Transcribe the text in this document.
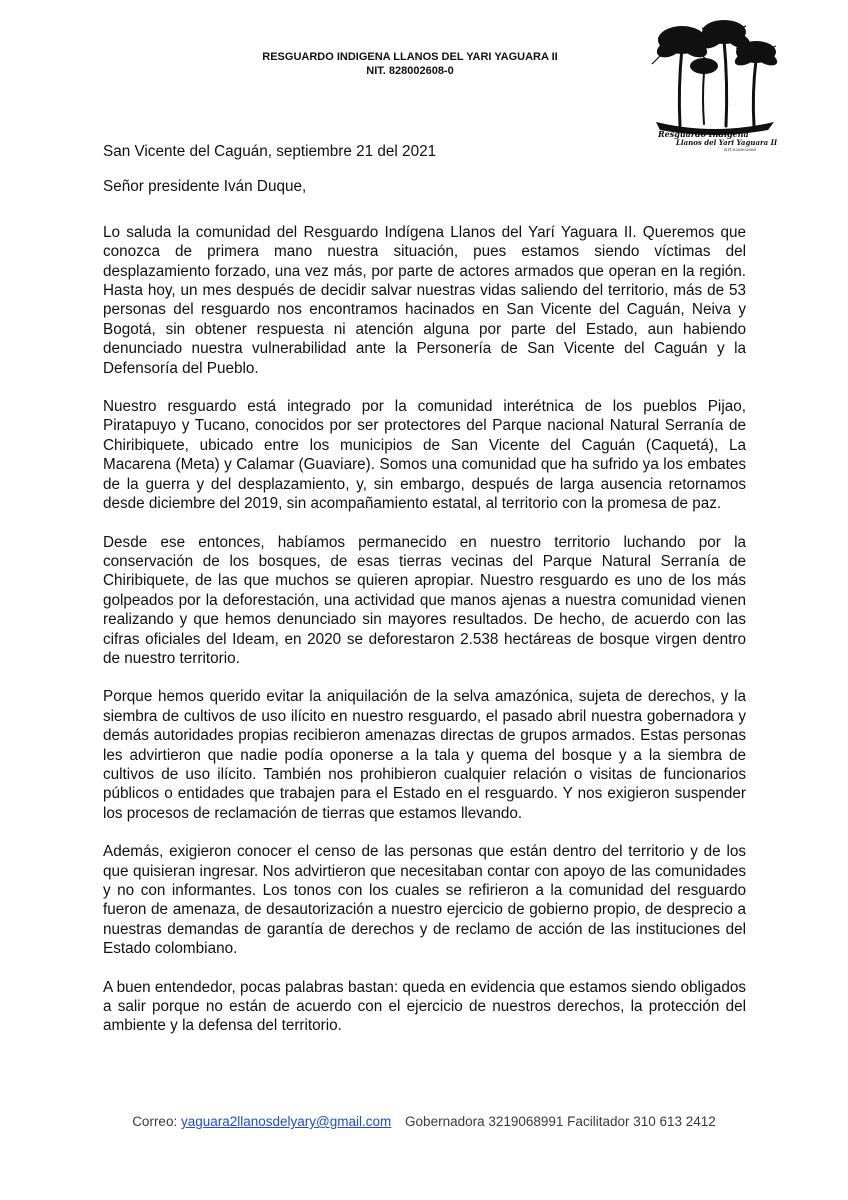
RESGUARDO INDIGENA LLANOS DEL YARI YAGUARA II
NIT. 828002608-0
Resguardo Indígena
Llanos del Yari Yaguara II
NIT 828002608

San Vicente del Caguán, septiembre 21 del 2021

Señor presidente Iván Duque,

Lo saluda la comunidad del Resguardo Indígena Llanos del Yarí Yaguara II. Queremos que conozca de primera mano nuestra situación, pues estamos siendo víctimas del desplazamiento forzado, una vez más, por parte de actores armados que operan en la región. Hasta hoy, un mes después de decidir salvar nuestras vidas saliendo del territorio, más de 53 personas del resguardo nos encontramos hacinados en San Vicente del Caguán, Neiva y Bogotá, sin obtener respuesta ni atención alguna por parte del Estado, aun habiendo denunciado nuestra vulnerabilidad ante la Personería de San Vicente del Caguán y la Defensoría del Pueblo.

Nuestro resguardo está integrado por la comunidad interétnica de los pueblos Pijao, Piratapuyo y Tucano, conocidos por ser protectores del Parque nacional Natural Serranía de Chiribiquete, ubicado entre los municipios de San Vicente del Caguán (Caquetá), La Macarena (Meta) y Calamar (Guaviare). Somos una comunidad que ha sufrido ya los embates de la guerra y del desplazamiento, y, sin embargo, después de larga ausencia retornamos desde diciembre del 2019, sin acompañamiento estatal, al territorio con la promesa de paz.

Desde ese entonces, habíamos permanecido en nuestro territorio luchando por la conservación de los bosques, de esas tierras vecinas del Parque Natural Serranía de Chiribiquete, de las que muchos se quieren apropiar. Nuestro resguardo es uno de los más golpeados por la deforestación, una actividad que manos ajenas a nuestra comunidad vienen realizando y que hemos denunciado sin mayores resultados. De hecho, de acuerdo con las cifras oficiales del Ideam, en 2020 se deforestaron 2.538 hectáreas de bosque virgen dentro de nuestro territorio.

Porque hemos querido evitar la aniquilación de la selva amazónica, sujeta de derechos, y la siembra de cultivos de uso ilícito en nuestro resguardo, el pasado abril nuestra gobernadora y demás autoridades propias recibieron amenazas directas de grupos armados. Estas personas les advirtieron que nadie podía oponerse a la tala y quema del bosque y a la siembra de cultivos de uso ilícito. También nos prohibieron cualquier relación o visitas de funcionarios públicos o entidades que trabajen para el Estado en el resguardo. Y nos exigieron suspender los procesos de reclamación de tierras que estamos llevando.

Además, exigieron conocer el censo de las personas que están dentro del territorio y de los que quisieran ingresar. Nos advirtieron que necesitaban contar con apoyo de las comunidades y no con informantes. Los tonos con los cuales se refirieron a la comunidad del resguardo fueron de amenaza, de desautorización a nuestro ejercicio de gobierno propio, de desprecio a nuestras demandas de garantía de derechos y de reclamo de acción de las instituciones del Estado colombiano.

A buen entendedor, pocas palabras bastan: queda en evidencia que estamos siendo obligados a salir porque no están de acuerdo con el ejercicio de nuestros derechos, la protección del ambiente y la defensa del territorio.

Correo: yaguara2llanosdelyary@gmail.com Gobernadora 3219068991 Facilitador 310 613 2412
